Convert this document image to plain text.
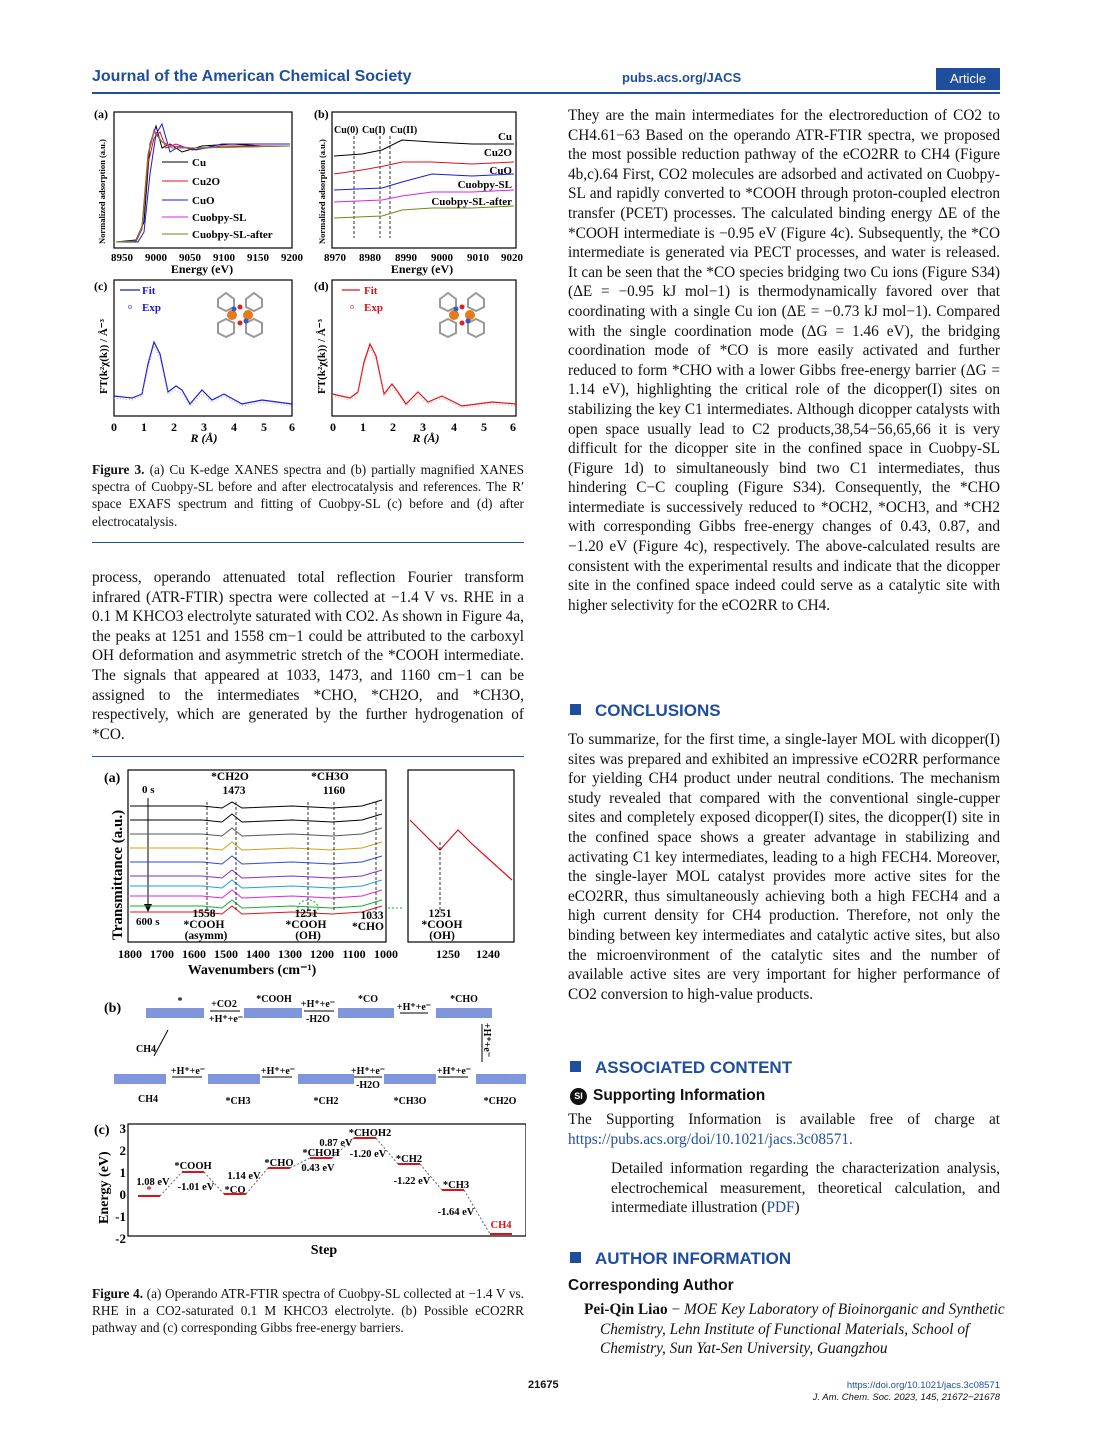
Journal of the American Chemical Society	pubs.acs.org/JACS	Article
(a)
Normalized adsorption (a.u.)	Cu
Cu2O
CuO
Cuobpy-SL
Cuobpy-SL-after
8950 9000 9050 9100 9150 9200
Energy (eV)
(b)
Normalized adsorption (a.u.)
Cu(0) Cu(I) Cu(II)
Cu
Cu2O
CuO
Cuobpy-SL
Cuobpy-SL-after
8970 8980 8990 9000 9010 9020
Energy (eV)
(c)
FT(k²χ(k)) / Å⁻³
Fit
Exp
0 1 2 3 4 5 6
R (Å)
(d)
FT(k²χ(k)) / Å⁻³
Fit
Exp
0 1 2 3 4 5 6
R (Å)
Figure 3. (a) Cu K-edge XANES spectra and (b) partially magnified XANES spectra of Cuobpy-SL before and after electrocatalysis and references. The R′ space EXAFS spectrum and fitting of Cuobpy-SL (c) before and (d) after electrocatalysis.

process, operando attenuated total reflection Fourier transform infrared (ATR-FTIR) spectra were collected at −1.4 V vs. RHE in a 0.1 M KHCO3 electrolyte saturated with CO2. As shown in Figure 4a, the peaks at 1251 and 1558 cm−1 could be attributed to the carboxyl OH deformation and asymmetric stretch of the *COOH intermediate. The signals that appeared at 1033, 1473, and 1160 cm−1 can be assigned to the intermediates *CHO, *CH2O, and *CH3O, respectively, which are generated by the further hydrogenation of *CO.

(a)
Transmittance (a.u.)
0 s
600 s
*CH2O
1473
*CH3O
1160
1558
*COOH
(asymm)
1251
*COOH
(OH)
1033
*CHO
1251
*COOH
(OH)
1800 1700 1600 1500 1400 1300 1200 1100 1000	1250 1240
Wavenumbers (cm⁻¹)
(b)	*	+CO2
+H⁺+e⁻
*COOH +H⁺+e⁻
-H2O
*CO
+H⁺+e⁻
*CHO
CH4	+H⁺+e⁻
CH4
+H⁺+e⁻
*CH3
+H⁺+e⁻
*CH2
+H⁺+e⁻
-H2O
*CH3O
+H⁺+e⁻
*CH2O
(c)
Energy (eV)
3
2
1
0
-1
-2
*
*COOH
*CO
*CHO
*CHOH
*CHOH2
*CH2
*CH3
CH4
1.08 eV -1.01 eV
1.14 eV
0.43 eV
0.87 eV
-1.20 eV
-1.22 eV
-1.64 eV
Step
Figure 4. (a) Operando ATR-FTIR spectra of Cuobpy-SL collected at −1.4 V vs. RHE in a CO2-saturated 0.1 M KHCO3 electrolyte. (b) Possible eCO2RR pathway and (c) corresponding Gibbs free-energy barriers.

They are the main intermediates for the electroreduction of CO2 to CH4.61−63 Based on the operando ATR-FTIR spectra, we proposed the most possible reduction pathway of the eCO2RR to CH4 (Figure 4b,c).64 First, CO2 molecules are adsorbed and activated on Cuobpy-SL and rapidly converted to *COOH through proton-coupled electron transfer (PCET) processes. The calculated binding energy ΔE of the *COOH intermediate is −0.95 eV (Figure 4c). Subsequently, the *CO intermediate is generated via PECT processes, and water is released. It can be seen that the *CO species bridging two Cu ions (Figure S34) (ΔE = −0.95 kJ mol−1) is thermodynamically favored over that coordinating with a single Cu ion (ΔE = −0.73 kJ mol−1). Compared with the single coordination mode (ΔG = 1.46 eV), the bridging coordination mode of *CO is more easily activated and further reduced to form *CHO with a lower Gibbs free-energy barrier (ΔG = 1.14 eV), highlighting the critical role of the dicopper(I) sites on stabilizing the key C1 intermediates. Although dicopper catalysts with open space usually lead to C2 products,38,54−56,65,66 it is very difficult for the dicopper site in the confined space in Cuobpy-SL (Figure 1d) to simultaneously bind two C1 intermediates, thus hindering C−C coupling (Figure S34). Consequently, the *CHO intermediate is successively reduced to *OCH2, *OCH3, and *CH2 with corresponding Gibbs free-energy changes of 0.43, 0.87, and −1.20 eV (Figure 4c), respectively. The above-calculated results are consistent with the experimental results and indicate that the dicopper site in the confined space indeed could serve as a catalytic site with higher selectivity for the eCO2RR to CH4.

CONCLUSIONS

To summarize, for the first time, a single-layer MOL with dicopper(I) sites was prepared and exhibited an impressive eCO2RR performance for yielding CH4 product under neutral conditions. The mechanism study revealed that compared with the conventional single-cupper sites and completely exposed dicopper(I) sites, the dicopper(I) site in the confined space shows a greater advantage in stabilizing and activating C1 key intermediates, leading to a high FECH4. Moreover, the single-layer MOL catalyst provides more active sites for the eCO2RR, thus simultaneously achieving both a high FECH4 and a high current density for CH4 production. Therefore, not only the binding between key intermediates and catalytic active sites, but also the microenvironment of the catalytic sites and the number of available active sites are very important for higher performance of CO2 conversion to high-value products.

ASSOCIATED CONTENT
SI Supporting Information

The Supporting Information is available free of charge at https://pubs.acs.org/doi/10.1021/jacs.3c08571.

Detailed information regarding the characterization analysis, electrochemical measurement, theoretical calculation, and intermediate illustration (PDF)

AUTHOR INFORMATION
Corresponding Author

Pei-Qin Liao − MOE Key Laboratory of Bioinorganic and Synthetic Chemistry, Lehn Institute of Functional Materials, School of Chemistry, Sun Yat-Sen University, Guangzhou

21675	https://doi.org/10.1021/jacs.3c08571
J. Am. Chem. Soc. 2023, 145, 21672−21678
